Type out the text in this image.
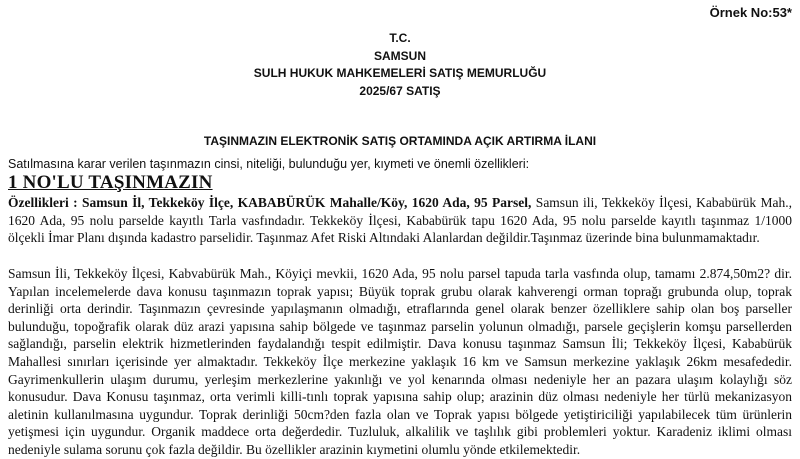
Örnek No:53*
T.C.
SAMSUN
SULH HUKUK MAHKEMELERİ SATIŞ MEMURLUĞU
2025/67 SATIŞ
TAŞINMAZIN ELEKTRONİK SATIŞ ORTAMINDA AÇIK ARTIRMA İLANI
Satılmasına karar verilen taşınmazın cinsi, niteliği, bulunduğu yer, kıymeti ve önemli özellikleri:
1 NO'LU TAŞINMAZIN
Özellikleri : Samsun İl, Tekkeköy İlçe, KABABÜRÜK Mahalle/Köy, 1620 Ada, 95 Parsel, Samsun ili, Tekkeköy İlçesi, Kababürük Mah., 1620 Ada, 95 nolu parselde kayıtlı Tarla vasfındadır. Tekkeköy İlçesi, Kababürük tapu 1620 Ada, 95 nolu parselde kayıtlı taşınmaz 1/1000 ölçekli İmar Planı dışında kadastro parselidir. Taşınmaz Afet Riski Altındaki Alanlardan değildir.Taşınmaz üzerinde bina bulunmamaktadır.
Samsun İli, Tekkeköy İlçesi, Kabvabürük Mah., Köyiçi mevkii, 1620 Ada, 95 nolu parsel tapuda tarla vasfında olup, tamamı 2.874,50m2? dir. Yapılan incelemelerde dava konusu taşınmazın toprak yapısı; Büyük toprak grubu olarak kahverengi orman toprağı grubunda olup, toprak derinliği orta derindir. Taşınmazın çevresinde yapılaşmanın olmadığı, etraflarında genel olarak benzer özelliklere sahip olan boş parseller bulunduğu, topoğrafik olarak düz arazi yapısına sahip bölgede ve taşınmaz parselin yolunun olmadığı, parsele geçişlerin komşu parsellerden sağlandığı, parselin elektrik hizmetlerinden faydalandığı tespit edilmiştir. Dava konusu taşınmaz Samsun İli; Tekkeköy İlçesi, Kababürük Mahallesi sınırları içerisinde yer almaktadır. Tekkeköy İlçe merkezine yaklaşık 16 km ve Samsun merkezine yaklaşık 26km mesafededir. Gayrimenkullerin ulaşım durumu, yerleşim merkezlerine yakınlığı ve yol kenarında olması nedeniyle her an pazara ulaşım kolaylığı söz konusudur. Dava Konusu taşınmaz, orta verimli killi-tınlı toprak yapısına sahip olup; arazinin düz olması nedeniyle her türlü mekanizasyon aletinin kullanılmasına uygundur. Toprak derinliği 50cm?den fazla olan ve Toprak yapısı bölgede yetiştiriciliği yapılabilecek tüm ürünlerin yetişmesi için uygundur. Organik maddece orta değerdedir. Tuzluluk, alkalilik ve taşlılık gibi problemleri yoktur. Karadeniz iklimi olması nedeniyle sulama sorunu çok fazla değildir. Bu özellikler arazinin kıymetini olumlu yönde etkilemektedir.
